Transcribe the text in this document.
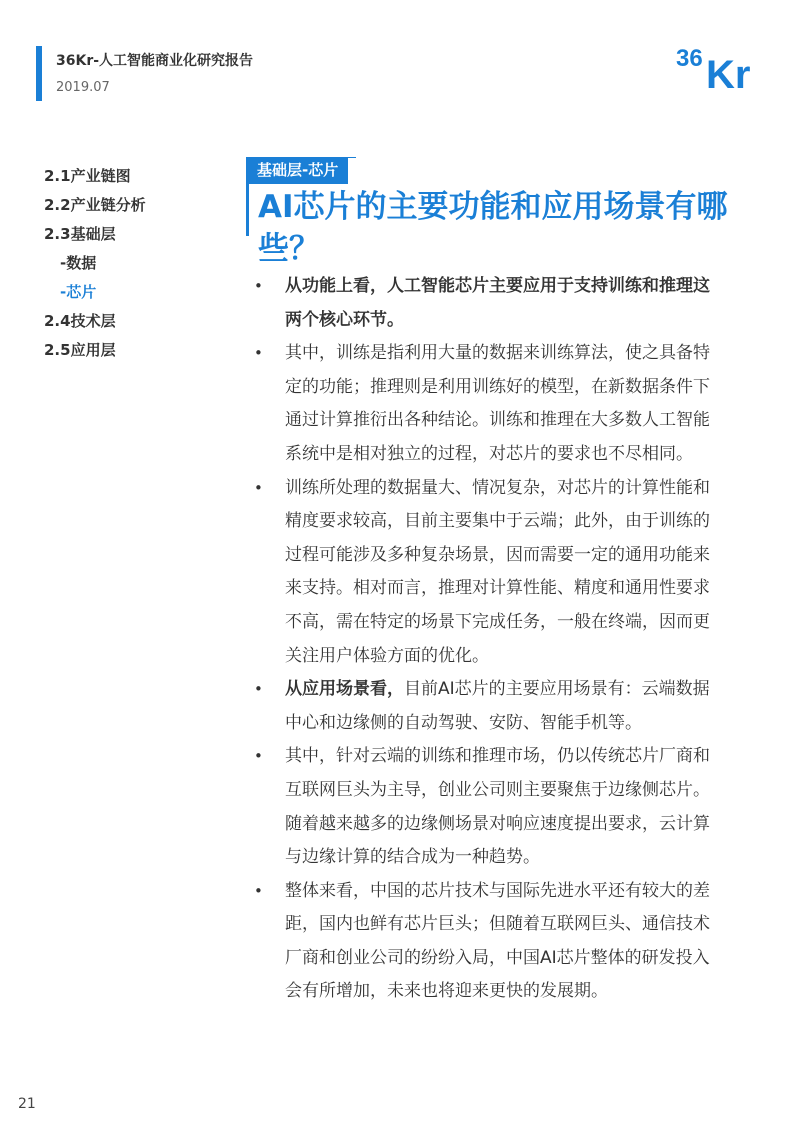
36Kr-人工智能商业化研究报告
2019.07
36 Kr
2.1产业链图
2.2产业链分析
2.3基础层
-数据
-芯片
2.4技术层
2.5应用层
基础层-芯片
AI芯片的主要功能和应用场景有哪些？
• 从功能上看，人工智能芯片主要应用于支持训练和推理这两个核心环节。
• 其中，训练是指利用大量的数据来训练算法，使之具备特定的功能；推理则是利用训练好的模型，在新数据条件下通过计算推衍出各种结论。训练和推理在大多数人工智能系统中是相对独立的过程，对芯片的要求也不尽相同。
• 训练所处理的数据量大、情况复杂，对芯片的计算性能和精度要求较高，目前主要集中于云端；此外，由于训练的过程可能涉及多种复杂场景，因而需要一定的通用功能来来支持。相对而言，推理对计算性能、精度和通用性要求不高，需在特定的场景下完成任务，一般在终端，因而更关注用户体验方面的优化。
• 从应用场景看，目前AI芯片的主要应用场景有：云端数据中心和边缘侧的自动驾驶、安防、智能手机等。
• 其中，针对云端的训练和推理市场，仍以传统芯片厂商和互联网巨头为主导，创业公司则主要聚焦于边缘侧芯片。随着越来越多的边缘侧场景对响应速度提出要求，云计算与边缘计算的结合成为一种趋势。
• 整体来看，中国的芯片技术与国际先进水平还有较大的差距，国内也鲜有芯片巨头；但随着互联网巨头、通信技术厂商和创业公司的纷纷入局，中国AI芯片整体的研发投入会有所增加，未来也将迎来更快的发展期。
21
